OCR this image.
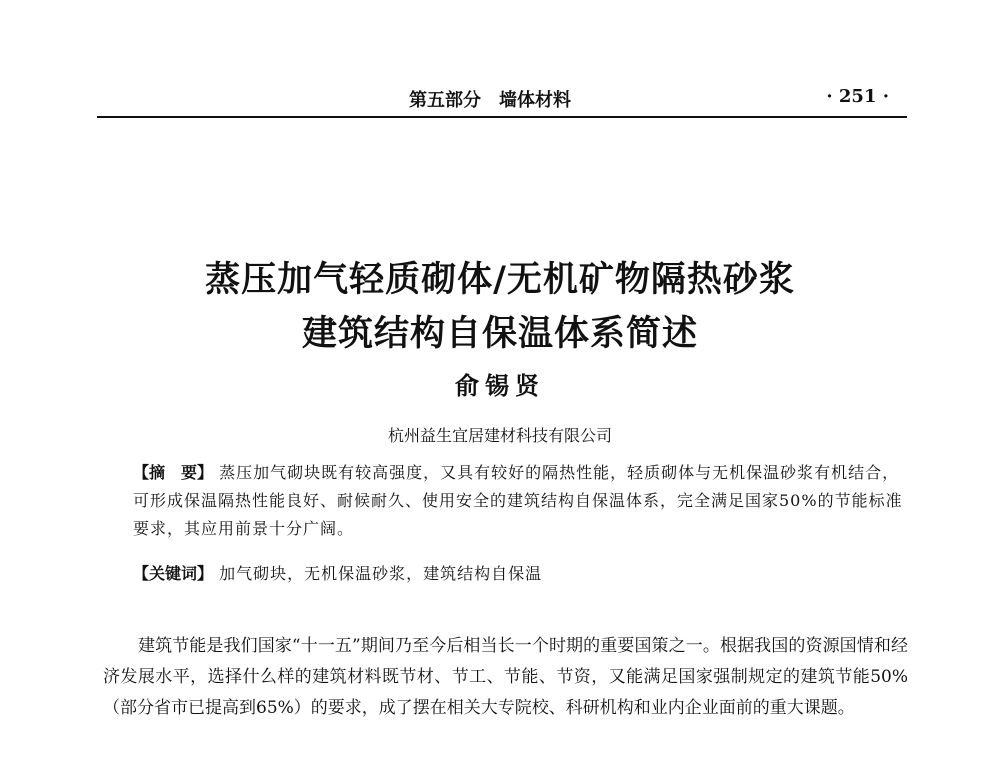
第五部分　墙体材料	· 251 ·
蒸压加气轻质砌体/无机矿物隔热砂浆
建筑结构自保温体系简述
俞锡贤
杭州益生宜居建材科技有限公司
【摘　要】 蒸压加气砌块既有较高强度，又具有较好的隔热性能，轻质砌体与无机保温砂浆有机结合，可形成保温隔热性能良好、耐候耐久、使用安全的建筑结构自保温体系，完全满足国家50%的节能标准要求，其应用前景十分广阔。
【关键词】 加气砌块，无机保温砂浆，建筑结构自保温
建筑节能是我们国家“十一五”期间乃至今后相当长一个时期的重要国策之一。根据我国的资源国情和经济发展水平，选择什么样的建筑材料既节材、节工、节能、节资，又能满足国家强制规定的建筑节能50%（部分省市已提高到65%）的要求，成了摆在相关大专院校、科研机构和业内企业面前的重大课题。
